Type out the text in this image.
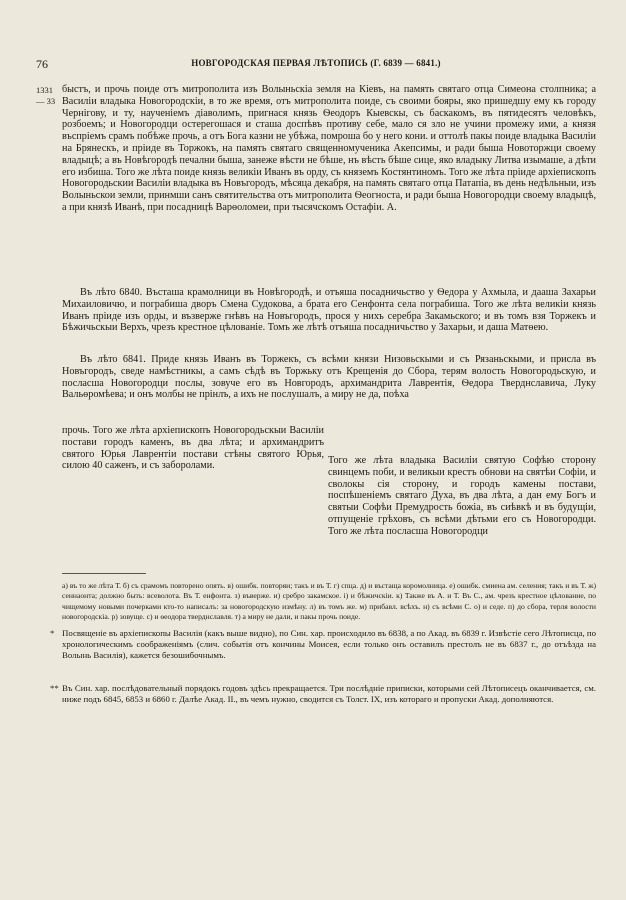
76	НОВГОРОДСКАЯ ПЕРВАЯ ЛѢТОПИСЬ (Г. 6839 — 6841.)
1331
— 33

быстъ, и прочь поиде отъ митрополита изъ Волыньскіа земля на Кіевъ, на память святаго отца Симеона столпника; а Василіи владыка Новогородскіи, в то же время, отъ митрополита поиде, съ своими бояры, яко пришедшу ему къ городу Чернігову, и ту, наученіемъ діаволимъ, пригнася князь Ѳеодоръ Кыевскы, съ баскакомъ, въ пятидесятъ человѣкъ, розбоемъ; и Новогородци остерегошася и сташа доспѣвъ противу себе, мало ся зло не учини промежу ими, а князя въспріемъ срамъ побѣже прочь, а отъ Бога казни не убѣжа, помроша бо у него кони. и оттолѣ пакы поиде владыка Василіи на Брянескъ, и пріиде въ Торжокъ, на память святаго священномученика Акепсимы, и ради быша Новоторжци своему владыцѣ; а въ Новѣгородѣ печални быша, занеже вѣсти не бѣше, нъ вѣсть бѣше сице, яко владыку Литва изымаше, а дѣти его избиша. Того же лѣта поиде князь великіи Иванъ въ орду, съ княземъ Костянтиномъ. Того же лѣта пріиде архіепископъ Новогородьскии Василіи владыка въ Новъгородъ, мѣсяца декабря, на память святаго отца Патапіа, въ день недѣльныи, изъ Волыньскои земли, принмши санъ святительства отъ митрополита Ѳеогноста, и ради быша Новогородци своему владыцѣ, а при князѣ Иванѣ, при посадницѣ Варѳоломеи, при тысячскомъ Остафіи. А.

Въ лѣто 6840. Въсташа крамолници въ Новѣгородѣ, и отъяша посадничьство у Ѳедора у Ахмыла, и дааша Захарьи Михаиловичю, и пограбиша дворъ Смена Судокова, а брата его Сенфонта села пограбиша. Того же лѣта великіи князь Иванъ пріиде изъ орды, и възверже гнѣвъ на Новъгородъ, прося у нихъ серебра Закамьского; и въ томъ взя Торжекъ и Бѣжичьскыи Верхъ, чрезъ крестное цѣлованіе. Томъ же лѣтѣ отъяша посадничьство у Захарьи, и даша Матѳею.

Въ лѣто 6841. Приде князь Иванъ въ Торжекъ, съ всѣми князи Низовьскыми и съ Рязаньскыми, и присла въ Новъгородъ, сведе намѣстникы, а самъ сѣдѣ въ Торжьку отъ Крещенія до Сбора, терям волость Новогородьскую, и посласша Новогородци послы, зовуче его въ Новгородъ, архимандрита Лаврентія, Ѳедора Тверднславича, Луку Вальѳромѣева; и онъ молбы не прінлъ, а ихъ не послушалъ, а миру не да, поѣха

прочь. Того же лѣта архіепископъ Новогородьскыи Василіи постави городъ каменъ, въ два лѣта; и архимандритъ святого Юрья Лаврентіи постави стѣны святого Юрья, силою 40 саженъ, и съ заборолами.	Того же лѣта владыка Василіи святую Софѣю сторону свинцемъ поби, и великыи крестъ обнови на святѣи Софіи, и сволокы сія сторону, и городъ камены постави, поспѣшеніемъ святаго Духа, въ два лѣта, а дан ему Богъ и святыи Софѣи Премудрость божіа, въ сиѣвкѣ и въ будущіи, отпущеніе грѣховъ, съ всѣми дѣтьми его съ Новогородци. Того же лѣта посласша Новогородци
а) въ то же лѣта Т. б) съ срамомъ повторено опять. в) ошибк. повторяи; такъ и въ Т. г) спца. д) и въстаща коромолница. е) ошибк. смиена ам. селения; такъ и въ Т. ж) сеннаонта; должно быть: всеволота. Въ Т. енфонта. з) въверже. и) сребро закамское. і) и бѣжичскіи. к) Также въ А. и Т. Въ С., ам. чрезъ крестное цѣлование, по чищемому новыми почерками кто-то написалъ: за новогородскую измѣну. л) въ томъ же. м) прибавл. всѣхъ. н) съ всѣми С. о) и седе. п) до сбора, терля волости новогородскіа. р) зовуще. с) и ѳеодора тверднславля. т) а миру не дали, и пакы прочь поиде.
* Посвященіе въ архіепископы Василія (какъ выше видно), по Син. хар. происходило въ 6838, а по Акад. въ 6839 г. Извѣстіе сего Лѣтописца, по хронологическимъ соображеніямъ (слич. событія отъ кончины Моисея, если только онъ оставилъ престолъ не въ 6837 г., до отъѣзда на Волынь Василія), кажется безошибочнымъ.
** Въ Син. хар. послѣдовательный порядокъ годовъ здѣсь прекращается. Три послѣдніе приписки, которыми сей Лѣтописецъ оканчивается, см. ниже подъ 6845, 6853 и 6860 г. Далѣе Акад. II., въ чемъ нужно, сводится съ Толст. IX, изъ котораго и пропуски Акад. дополняются.
